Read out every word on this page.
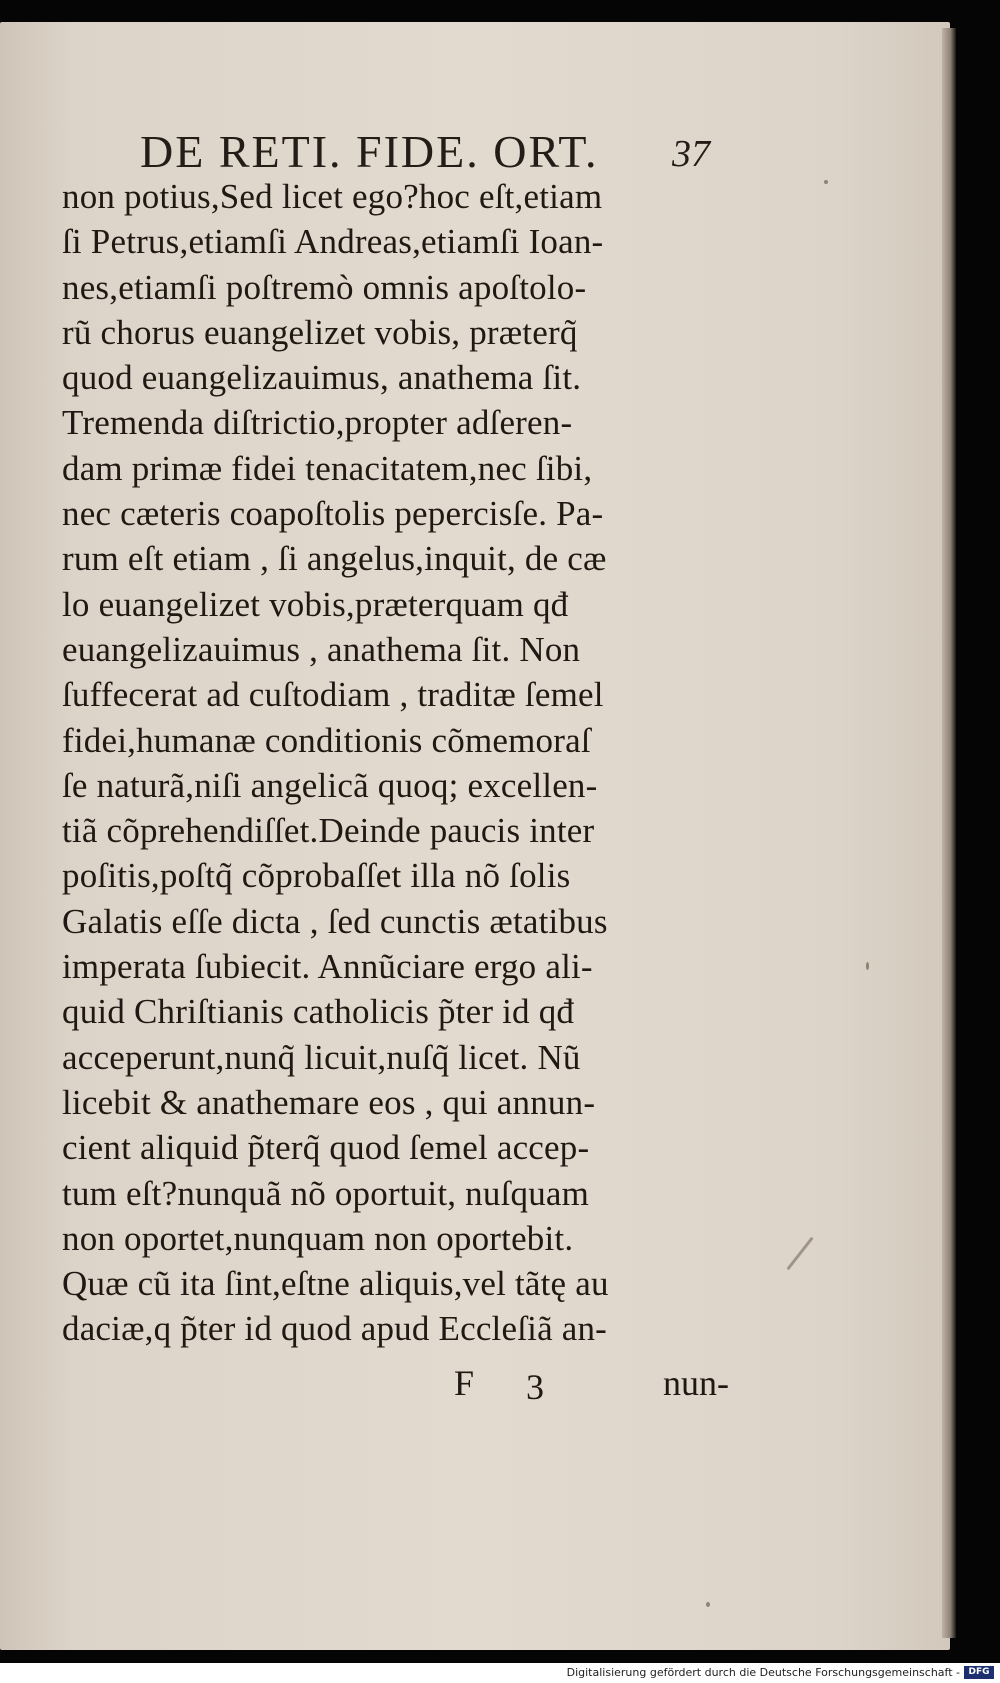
DE RETI. FIDE. ORT. 37
non potius,Sed licet ego?hoc eſt,etiam
ſi Petrus,etiamſi Andreas,etiamſi Ioan-
nes,etiamſi poſtremò omnis apoſtolo-
rũ chorus euangelizet vobis, præterq̃
quod euangelizauimus, anathema ſit.
Tremenda diſtrictio,propter adſeren-
dam primæ fidei tenacitatem,nec ſibi,
nec cæteris coapoſtolis pepercisſe. Pa-
rum eſt etiam , ſi angelus,inquit, de cæ
lo euangelizet vobis,præterquam qđ
euangelizauimus , anathema ſit. Non
ſuffecerat ad cuſtodiam , traditæ ſemel
fidei,humanæ conditionis cõmemoraſ
ſe naturã,niſi angelicã quoq; excellen-
tiã cõprehendiſſet.Deinde paucis inter
poſitis,poſtq̃ cõprobaſſet illa nõ ſolis
Galatis eſſe dicta , ſed cunctis ætatibus
imperata ſubiecit. Annũciare ergo ali-
quid Chriſtianis catholicis p̃ter id qđ
acceperunt,nunq̃ licuit,nuſq̃ licet. Nũ
licebit & anathemare eos , qui annun-
cient aliquid p̃terq̃ quod ſemel accep-
tum eſt?nunquã nõ oportuit, nuſquam
non oportet,nunquam non oportebit.
Quæ cũ ita ſint,eſtne aliquis,vel tãtę au
daciæ,q p̃ter id quod apud Eccleſiã an-
F 3	nun-
Digitalisierung gefördert durch die Deutsche Forschungsgemeinschaft - DFG
